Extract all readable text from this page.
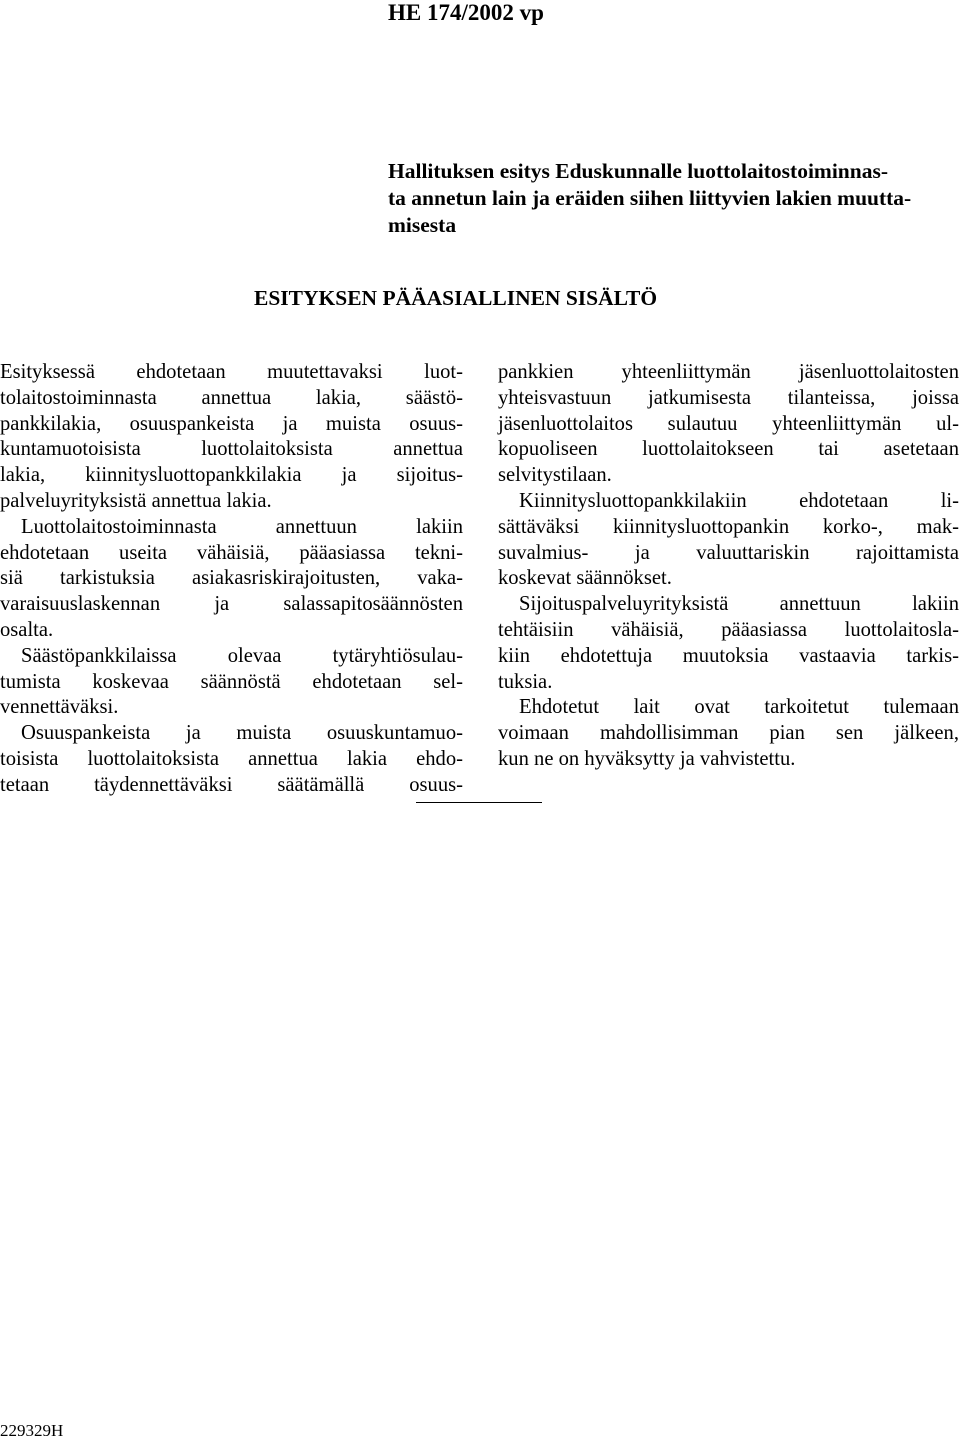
HE 174/2002 vp
Hallituksen esitys Eduskunnalle luottolaitostoiminnas-
ta annetun lain ja eräiden siihen liittyvien lakien muutta-
misesta
ESITYKSEN PÄÄASIALLINEN SISÄLTÖ
Esityksessä ehdotetaan muutettavaksi luot-
tolaitostoiminnasta annettua lakia, säästö-
pankkilakia, osuuspankeista ja muista osuus-
kuntamuotoisista luottolaitoksista annettua
lakia, kiinnitysluottopankkilakia ja sijoitus-
palveluyrityksistä annettua lakia.
Luottolaitostoiminnasta annettuun lakiin
ehdotetaan useita vähäisiä, pääasiassa tekni-
siä tarkistuksia asiakasriskirajoitusten, vaka-
varaisuuslaskennan ja salassapitosäännösten
osalta.
Säästöpankkilaissa olevaa tytäryhtiösulau-
tumista koskevaa säännöstä ehdotetaan sel-
vennettäväksi.
Osuuspankeista ja muista osuuskuntamuo-
toisista luottolaitoksista annettua lakia ehdo-
tetaan täydennettäväksi säätämällä osuus-
pankkien yhteenliittymän jäsenluottolaitosten
yhteisvastuun jatkumisesta tilanteissa, joissa
jäsenluottolaitos sulautuu yhteenliittymän ul-
kopuoliseen luottolaitokseen tai asetetaan
selvitystilaan.
Kiinnitysluottopankkilakiin ehdotetaan li-
sättäväksi kiinnitysluottopankin korko-, mak-
suvalmius- ja valuuttariskin rajoittamista
koskevat säännökset.
Sijoituspalveluyrityksistä annettuun lakiin
tehtäisiin vähäisiä, pääasiassa luottolaitosla-
kiin ehdotettuja muutoksia vastaavia tarkis-
tuksia.
Ehdotetut lait ovat tarkoitetut tulemaan
voimaan mahdollisimman pian sen jälkeen,
kun ne on hyväksytty ja vahvistettu.
229329H
